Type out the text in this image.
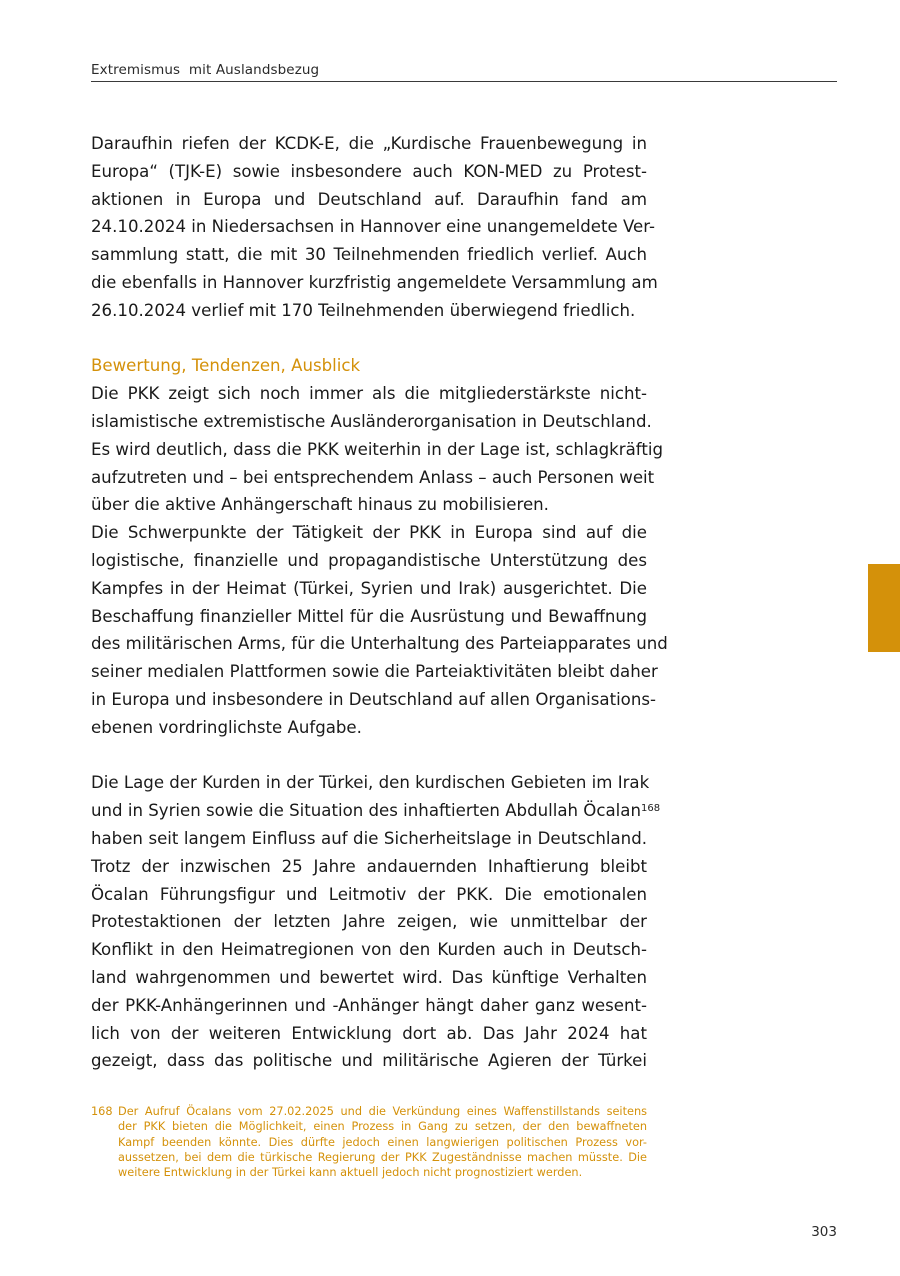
Extremismus  mit Auslandsbezug
Daraufhin riefen der KCDK-E, die „Kurdische Frauenbewegung in
Europa“ (TJK-E) sowie insbesondere auch KON-MED zu Protest-
aktionen in Europa und Deutschland auf. Daraufhin fand am
24.10.2024 in Niedersachsen in Hannover eine unangemeldete Ver-
sammlung statt, die mit 30 Teilnehmenden friedlich verlief. Auch
die ebenfalls in Hannover kurzfristig angemeldete Versammlung am
26.10.2024 verlief mit 170 Teilnehmenden überwiegend friedlich.
Bewertung, Tendenzen, Ausblick
Die PKK zeigt sich noch immer als die mitgliederstärkste nicht-
islamistische extremistische Ausländerorganisation in Deutschland.
Es wird deutlich, dass die PKK weiterhin in der Lage ist, schlagkräftig
aufzutreten und – bei entsprechendem Anlass – auch Personen weit
über die aktive Anhängerschaft hinaus zu mobilisieren.
Die Schwerpunkte der Tätigkeit der PKK in Europa sind auf die
logistische, finanzielle und propagandistische Unterstützung des
Kampfes in der Heimat (Türkei, Syrien und Irak) ausgerichtet. Die
Beschaffung finanzieller Mittel für die Ausrüstung und Bewaffnung
des militärischen Arms, für die Unterhaltung des Parteiapparates und
seiner medialen Plattformen sowie die Parteiaktivitäten bleibt daher
in Europa und insbesondere in Deutschland auf allen Organisations-
ebenen vordringlichste Aufgabe.
Die Lage der Kurden in der Türkei, den kurdischen Gebieten im Irak
und in Syrien sowie die Situation des inhaftierten Abdullah Öcalan$^{168}$
haben seit langem Einfluss auf die Sicherheitslage in Deutschland.
Trotz der inzwischen 25 Jahre andauernden Inhaftierung bleibt
Öcalan Führungsfigur und Leitmotiv der PKK. Die emotionalen
Protestaktionen der letzten Jahre zeigen, wie unmittelbar der
Konflikt in den Heimatregionen von den Kurden auch in Deutsch-
land wahrgenommen und bewertet wird. Das künftige Verhalten
der PKK-Anhängerinnen und -Anhänger hängt daher ganz wesent-
lich von der weiteren Entwicklung dort ab. Das Jahr 2024 hat
gezeigt, dass das politische und militärische Agieren der Türkei
168 Der Aufruf Öcalans vom 27.02.2025 und die Verkündung eines Waffenstillstands seitens
der PKK bieten die Möglichkeit, einen Prozess in Gang zu setzen, der den bewaffneten
Kampf beenden könnte. Dies dürfte jedoch einen langwierigen politischen Prozess vor-
aussetzen, bei dem die türkische Regierung der PKK Zugeständnisse machen müsste. Die
weitere Entwicklung in der Türkei kann aktuell jedoch nicht prognostiziert werden.
303
